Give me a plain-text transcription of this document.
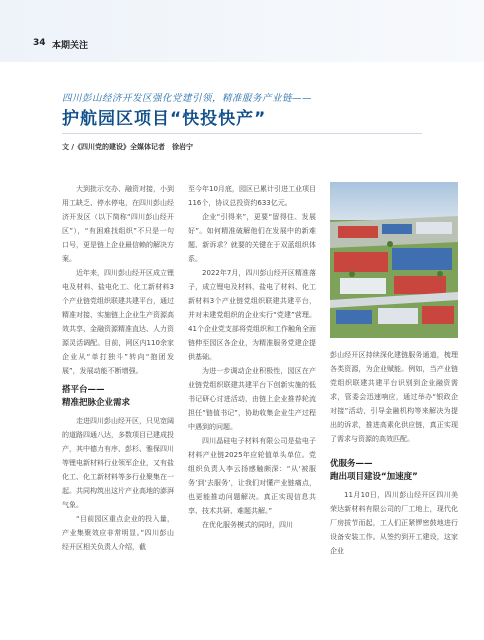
34 本期关注
四川彭山经济开发区强化党建引领，精准服务产业链——
护航园区项目“快投快产”
文 /《四川党的建设》全媒体记者　徐岩宁

大到批示交办、融资对接，小到用工缺乏、停水停电，在四川彭山经济开发区（以下简称“四川彭山经开区”），“有困难找组织”不只是一句口号，更是链上企业最信赖的解决方案。

近年来，四川彭山经开区成立锂电及材料、盐电化工、化工新材料3个产业链党组织联建共建平台，通过精准对接、实施链上企业生产资源高效共享、金融资源精准直达、人力资源灵活调配。目前，网区内110余家企业从“单打独斗”转向“抱团发展”，发展动能不断增强。

搭平台——
精准把脉企业需求

走进四川彭山经开区，只见宽阔的道路四通八达，多数项目已建成投产，其中德力有序、彭杉、雅保四川等锂电新材料行业领军企业，又有盐化工、化工新材料等多行业聚集在一起。共同构筑出这片产业高地的澎湃气象。

“目前园区重点企业的投入量，产业集聚效应非常明显。”四川彭山经开区相关负责人介绍，截

至今年10月底，园区已累计引进工业项目116个，协议总投资约633亿元。

企业“引得来”，更要“留得住、发展好”。如何精准破解他们在发展中的新难题、新诉求？就要的关键在于双蓝组织体系。

2022年7月，四川彭山经开区精准落子，成立锂电及材料、盐电了材料、化工新材料3个产业链党组织联建共建平台，并对未建党组织的企业实行“党建”营理。41个企业党支部将党组织和工作触角全面链伸至园区各企业，为精准服务党建企提供基础。

为进一步调动企业积极性，园区在产业链党组织联建共建平台下创新实施的低书记研心讨进活动，由链上企业推荐轮流担任“链值书记”，协助收集企业生产过程中遇到的问题。

四川晶硅电子材料有限公司是盐电子材料产业链2025年应轮值单头单位。党组织负责人李云扬感触颇深：“从‘被服务’到‘去服务’，让我们对懂产业链痛点，也更能推动问题解决。真正实现信息共享、技术共研、难题共解。”

在优化服务模式的同时，四川

彭山经开区持续深化建链服务通道，梳理各类资源，为企业赋能。例如，当产业链党组织联建共建平台识别到企业融资需求，管委会迅速响应，通过举办“银政企对接”活动，引导金融机构等来解决为提出的诉求，推进高素化供应链，真正实现了需求与资源的高效匹配。

优服务——
跑出项目建设“加速度”

11月10日，四川彭山经开区四川美荣达新材料有限公司的厂工地上，现代化厂房拔节而起，工人们正紧锣密鼓地进行设备安装工作。从签约到开工建设，这家企业
